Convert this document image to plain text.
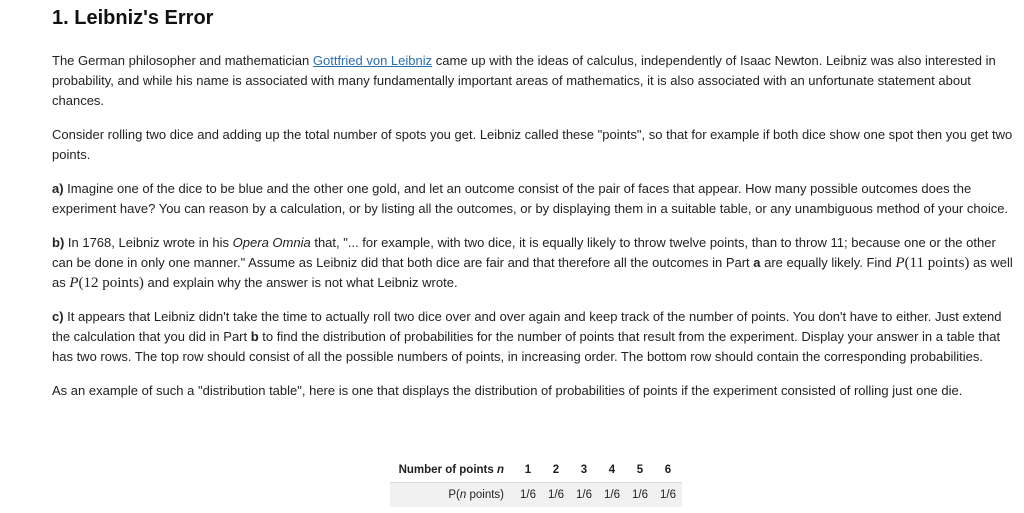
1. Leibniz's Error

The German philosopher and mathematician Gottfried von Leibniz came up with the ideas of calculus, independently of Isaac Newton. Leibniz was also interested in probability, and while his name is associated with many fundamentally important areas of mathematics, it is also associated with an unfortunate statement about chances.

Consider rolling two dice and adding up the total number of spots you get. Leibniz called these "points", so that for example if both dice show one spot then you get two points.

a) Imagine one of the dice to be blue and the other one gold, and let an outcome consist of the pair of faces that appear. How many possible outcomes does the experiment have? You can reason by a calculation, or by listing all the outcomes, or by displaying them in a suitable table, or any unambiguous method of your choice.

b) In 1768, Leibniz wrote in his Opera Omnia that, "... for example, with two dice, it is equally likely to throw twelve points, than to throw 11; because one or the other can be done in only one manner." Assume as Leibniz did that both dice are fair and that therefore all the outcomes in Part a are equally likely. Find P(11 points) as well as P(12 points) and explain why the answer is not what Leibniz wrote.

c) It appears that Leibniz didn't take the time to actually roll two dice over and over again and keep track of the number of points. You don't have to either. Just extend the calculation that you did in Part b to find the distribution of probabilities for the number of points that result from the experiment. Display your answer in a table that has two rows. The top row should consist of all the possible numbers of points, in increasing order. The bottom row should contain the corresponding probabilities.

As an example of such a "distribution table", here is one that displays the distribution of probabilities of points if the experiment consisted of rolling just one die.

Number of points n	1	2	3	4	5	6
P(n points)	1/6	1/6	1/6	1/6	1/6	1/6
